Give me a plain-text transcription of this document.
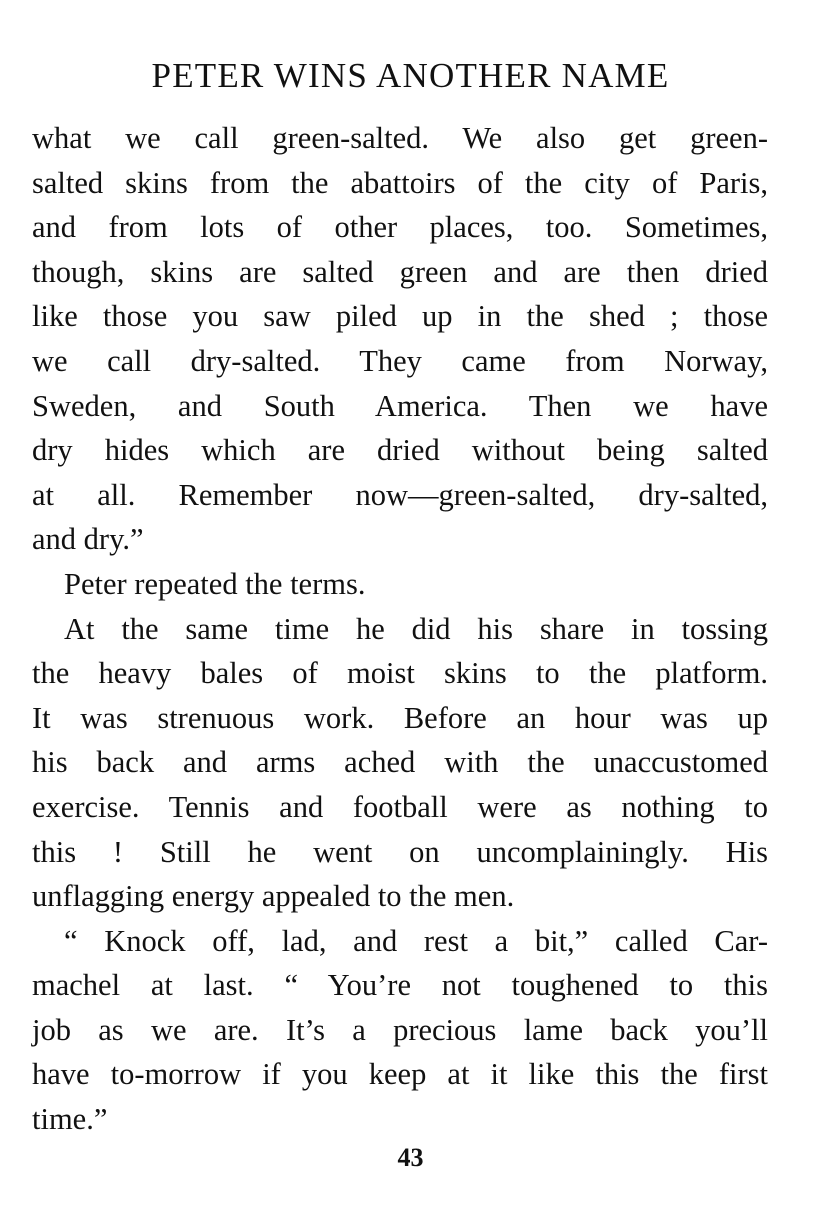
PETER WINS ANOTHER NAME
what we call green-salted. We also get green-
salted skins from the abattoirs of the city of Paris,
and from lots of other places, too. Sometimes,
though, skins are salted green and are then dried
like those you saw piled up in the shed ; those
we call dry-salted. They came from Norway,
Sweden, and South America. Then we have
dry hides which are dried without being salted
at all. Remember now—green-salted, dry-salted,
and dry.”
Peter repeated the terms.
At the same time he did his share in tossing
the heavy bales of moist skins to the platform.
It was strenuous work. Before an hour was up
his back and arms ached with the unaccustomed
exercise. Tennis and football were as nothing to
this ! Still he went on uncomplainingly. His
unflagging energy appealed to the men.
“ Knock off, lad, and rest a bit,” called Car-
machel at last. “ You’re not toughened to this
job as we are. It’s a precious lame back you’ll
have to-morrow if you keep at it like this the first
time.”
43
